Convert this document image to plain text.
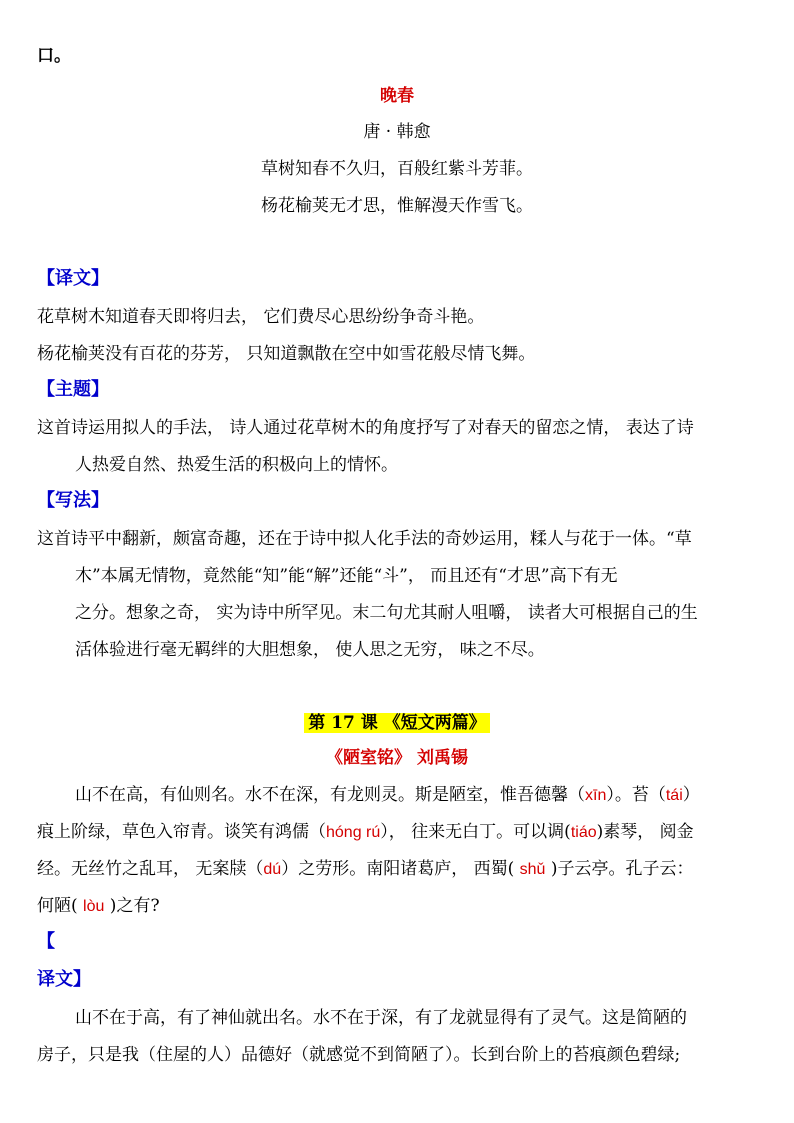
口。
晚春
唐 · 韩愈
草树知春不久归，百般红紫斗芳菲。
杨花榆荚无才思，惟解漫天作雪飞。
【译文】
花草树木知道春天即将归去， 它们费尽心思纷纷争奇斗艳。
杨花榆荚没有百花的芬芳， 只知道飘散在空中如雪花般尽情飞舞。
【主题】
这首诗运用拟人的手法， 诗人通过花草树木的角度抒写了对春天的留恋之情， 表达了诗
人热爱自然、热爱生活的积极向上的情怀。
【写法】
这首诗平中翻新，颇富奇趣，还在于诗中拟人化手法的奇妙运用，糅人与花于一体。“草
木”本属无情物，竟然能“知”能“解”还能“斗”， 而且还有“才思”高下有无
之分。想象之奇， 实为诗中所罕见。末二句尤其耐人咀嚼， 读者大可根据自己的生
活体验进行毫无羁绊的大胆想象， 使人思之无穷， 味之不尽。
第 17 课 《短文两篇》
《陋室铭》 刘禹锡
山不在高，有仙则名。水不在深，有龙则灵。斯是陋室，惟吾德馨（xīn）。苔（tái）
痕上阶绿，草色入帘青。谈笑有鸿儒（hóng rú）， 往来无白丁。可以调(tiáo)素琴， 阅金
经。无丝竹之乱耳， 无案牍（dú）之劳形。南阳诸葛庐， 西蜀( shǔ )子云亭。孔子云：
何陋( lòu )之有?
【
译文】
山不在于高，有了神仙就出名。水不在于深，有了龙就显得有了灵气。这是简陋的
房子，只是我（住屋的人）品德好（就感觉不到简陋了）。长到台阶上的苔痕颜色碧绿;
